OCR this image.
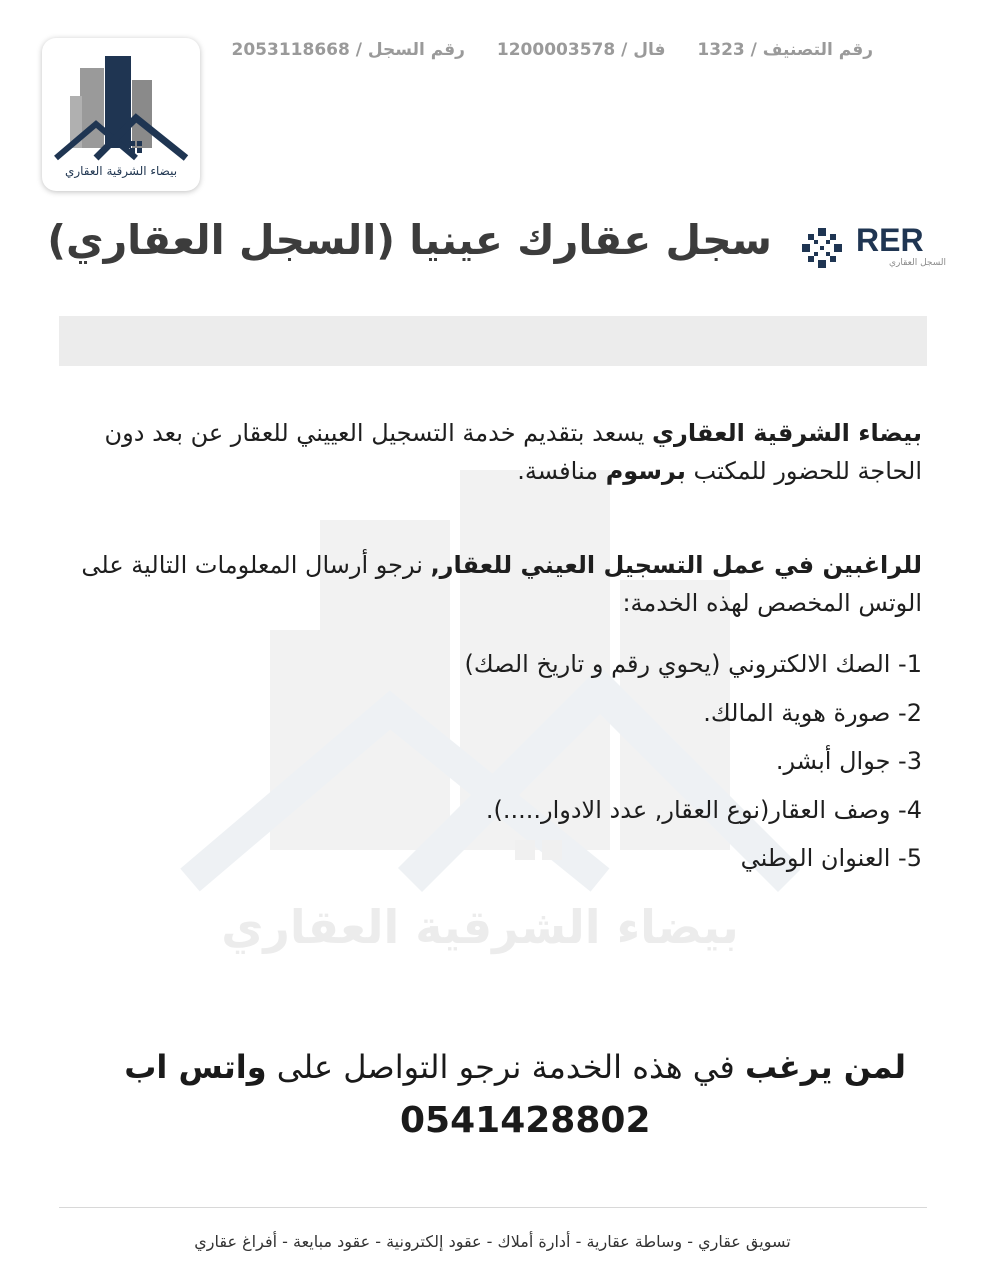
بيضاء الشرقية العقاري
رقم التصنيف / 1323 فال / 1200003578 رقم السجل / 2053118668
سجل عقارك عينيا (السجل العقاري)	RER
السجل العقاري
بيضاء الشرقية العقاري
بيضاء الشرقية العقاري يسعد بتقديم خدمة التسجيل العييني للعقار عن بعد دون الحاجة للحضور للمكتب برسوم منافسة.
للراغبين في عمل التسجيل العيني للعقار, نرجو أرسال المعلومات التالية على الوتس المخصص لهذه الخدمة:
1- الصك الالكتروني (يحوي رقم و تاريخ الصك)
2- صورة هوية المالك.
3- جوال أبشر.
4- وصف العقار(نوع العقار, عدد الادوار.....).
5- العنوان الوطني
لمن يرغب في هذه الخدمة نرجو التواصل على واتس اب
0541428802
تسويق عقاري - وساطة عقارية - أدارة أملاك - عقود إلكترونية - عقود مبايعة - أفراغ عقاري
